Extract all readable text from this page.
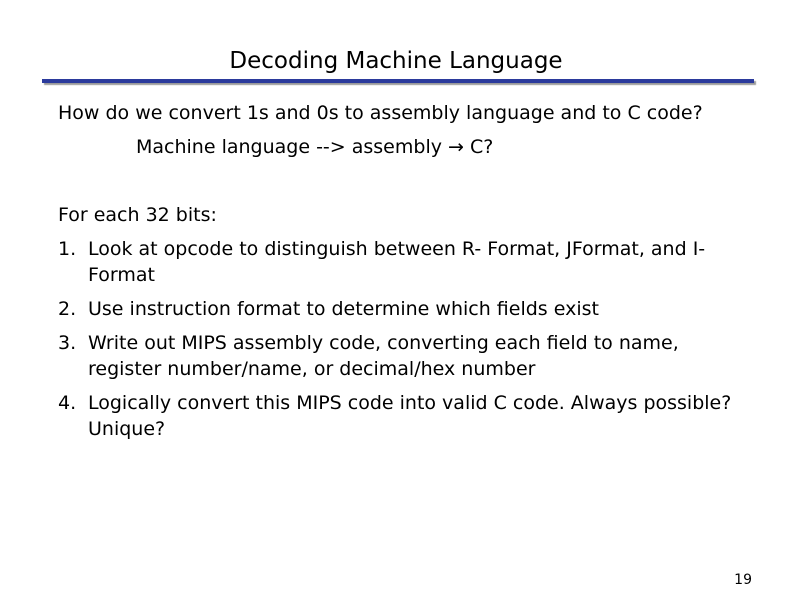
Decoding Machine Language
How do we convert 1s and 0s to assembly language and to C code?
Machine language --> assembly → C?
For each 32 bits:
1. Look at opcode to distinguish between R- Format, JFormat, and I-Format
2. Use instruction format to determine which fields exist
3. Write out MIPS assembly code, converting each field to name, register number/name, or decimal/hex number
4. Logically convert this MIPS code into valid C code. Always possible? Unique?
19
